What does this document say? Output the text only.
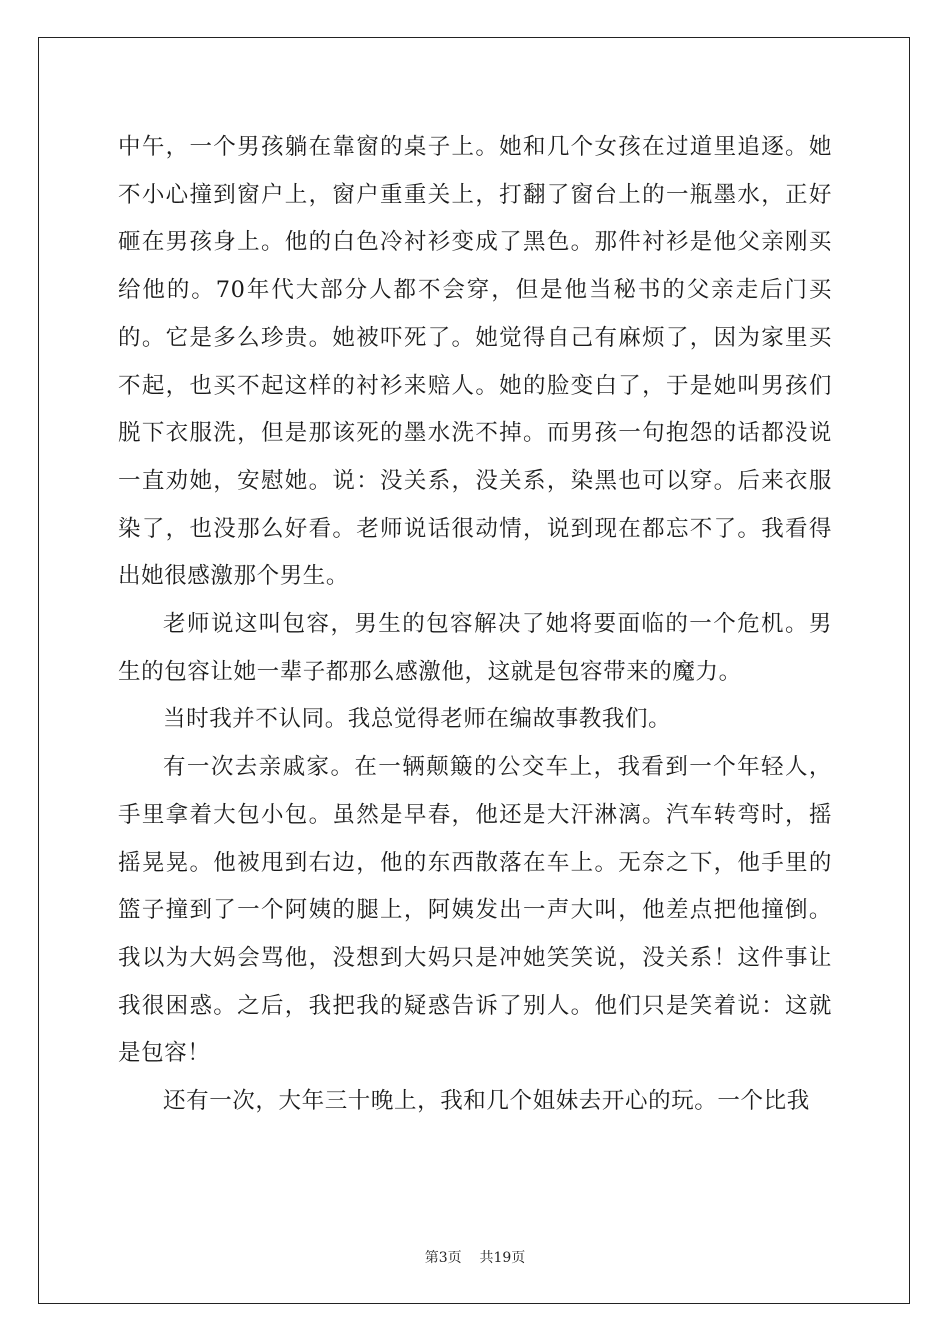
中午，一个男孩躺在靠窗的桌子上。她和几个女孩在过道里追逐。她不小心撞到窗户上，窗户重重关上，打翻了窗台上的一瓶墨水，正好砸在男孩身上。他的白色冷衬衫变成了黑色。那件衬衫是他父亲刚买给他的。70年代大部分人都不会穿，但是他当秘书的父亲走后门买的。它是多么珍贵。她被吓死了。她觉得自己有麻烦了，因为家里买不起，也买不起这样的衬衫来赔人。她的脸变白了，于是她叫男孩们脱下衣服洗，但是那该死的墨水洗不掉。而男孩一句抱怨的话都没说一直劝她，安慰她。说：没关系，没关系，染黑也可以穿。后来衣服染了，也没那么好看。老师说话很动情，说到现在都忘不了。我看得出她很感激那个男生。

老师说这叫包容，男生的包容解决了她将要面临的一个危机。男生的包容让她一辈子都那么感激他，这就是包容带来的魔力。

当时我并不认同。我总觉得老师在编故事教我们。

有一次去亲戚家。在一辆颠簸的公交车上，我看到一个年轻人，手里拿着大包小包。虽然是早春，他还是大汗淋漓。汽车转弯时，摇摇晃晃。他被甩到右边，他的东西散落在车上。无奈之下，他手里的篮子撞到了一个阿姨的腿上，阿姨发出一声大叫，他差点把他撞倒。我以为大妈会骂他，没想到大妈只是冲她笑笑说，没关系！这件事让我很困惑。之后，我把我的疑惑告诉了别人。他们只是笑着说：这就是包容！

还有一次，大年三十晚上，我和几个姐妹去开心的玩。一个比我

第3页 共19页
